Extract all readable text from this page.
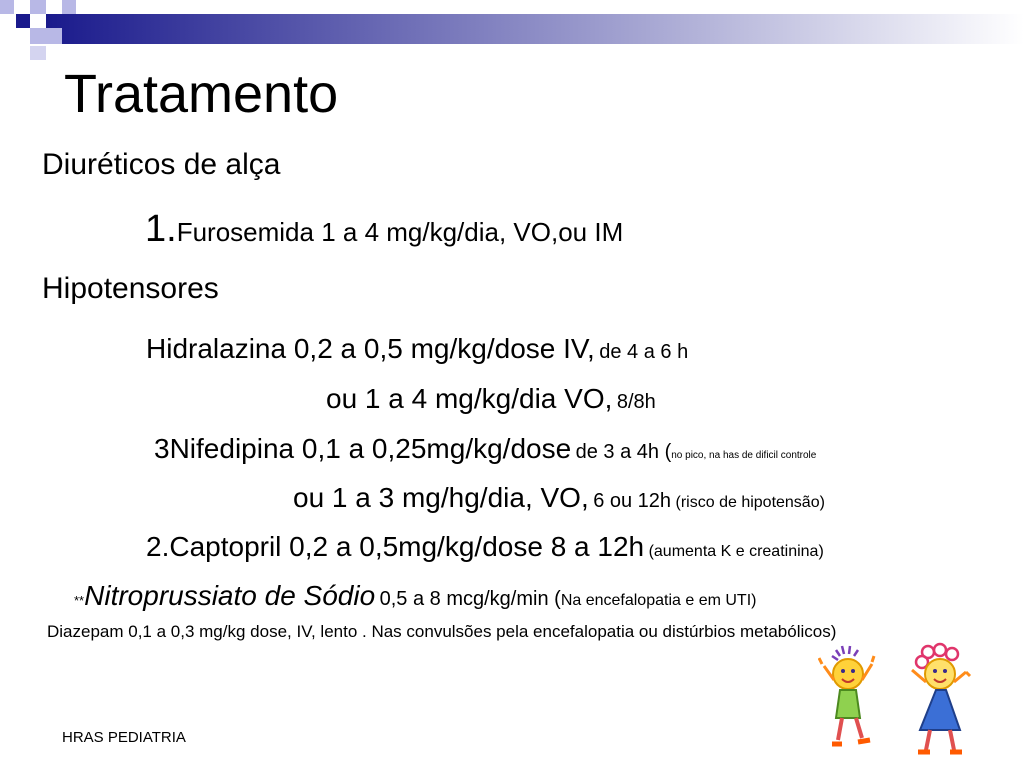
Tratamento
Diuréticos de alça
1.Furosemida 1 a 4 mg/kg/dia, VO,ou IM
Hipotensores
Hidralazina 0,2 a 0,5 mg/kg/dose IV, de 4 a 6 h
ou 1 a 4 mg/kg/dia VO, 8/8h
3Nifedipina 0,1 a 0,25mg/kg/dose de 3 a 4h (no pico, na has de dificil controle
ou 1 a 3 mg/hg/dia, VO, 6 ou 12h (risco de hipotensão)
2.Captopril 0,2 a 0,5mg/kg/dose 8 a 12h (aumenta K e creatinina)
**Nitroprussiato de Sódio 0,5 a 8 mcg/kg/min (Na encefalopatia e em UTI)
Diazepam 0,1 a 0,3 mg/kg dose, IV, lento . Nas convulsões pela encefalopatia ou distúrbios metabólicos)
HRAS PEDIATRIA
